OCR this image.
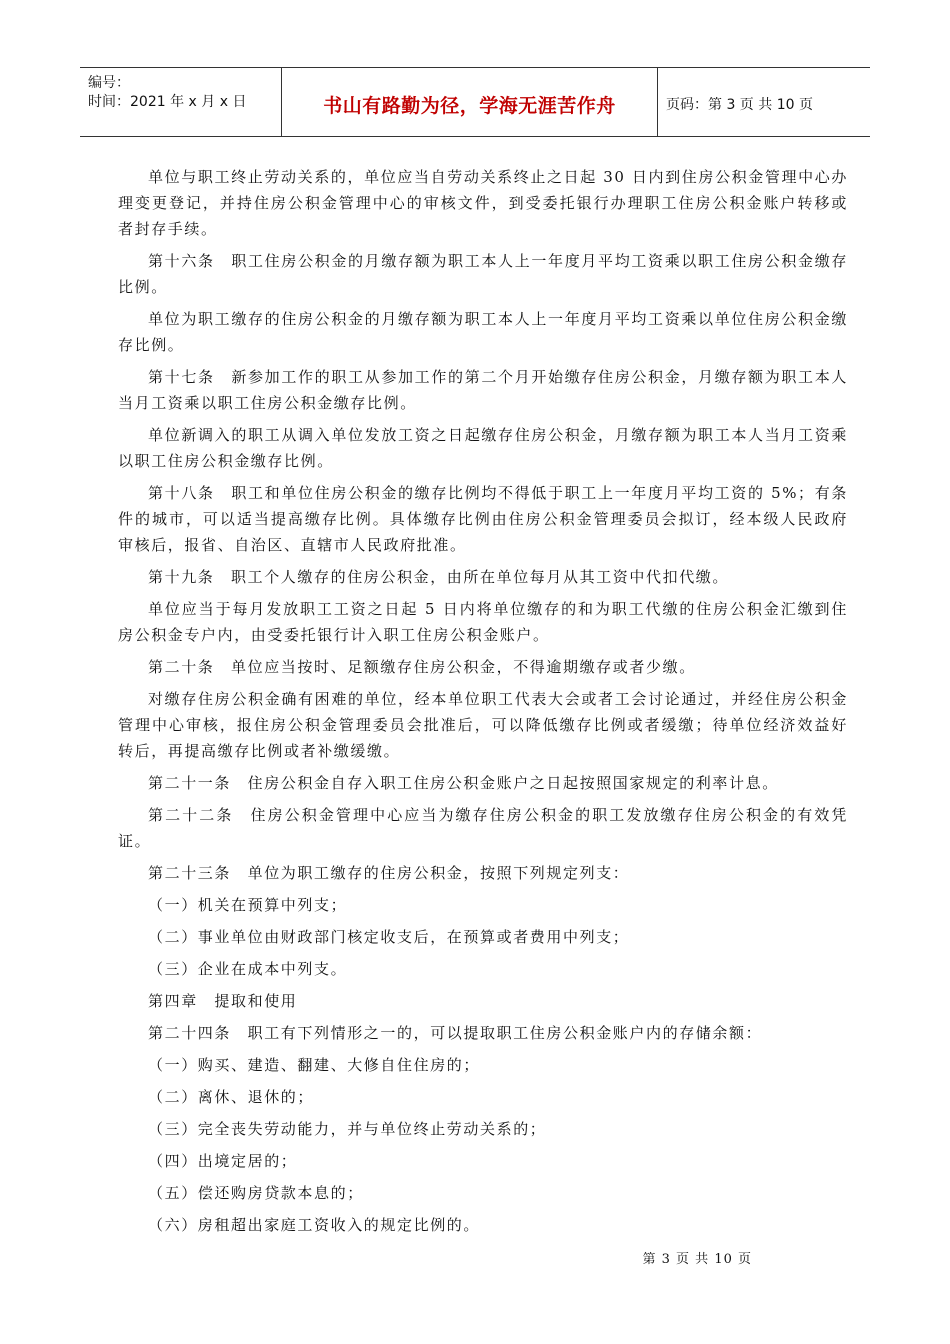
编号：
时间：2021 年 x 月 x 日	书山有路勤为径，学海无涯苦作舟	页码：第 3 页 共 10 页

单位与职工终止劳动关系的，单位应当自劳动关系终止之日起 30 日内到住房公积金管理中心办理变更登记，并持住房公积金管理中心的审核文件，到受委托银行办理职工住房公积金账户转移或者封存手续。

第十六条　职工住房公积金的月缴存额为职工本人上一年度月平均工资乘以职工住房公积金缴存比例。

单位为职工缴存的住房公积金的月缴存额为职工本人上一年度月平均工资乘以单位住房公积金缴存比例。

第十七条　新参加工作的职工从参加工作的第二个月开始缴存住房公积金，月缴存额为职工本人当月工资乘以职工住房公积金缴存比例。

单位新调入的职工从调入单位发放工资之日起缴存住房公积金，月缴存额为职工本人当月工资乘以职工住房公积金缴存比例。

第十八条　职工和单位住房公积金的缴存比例均不得低于职工上一年度月平均工资的 5%；有条件的城市，可以适当提高缴存比例。具体缴存比例由住房公积金管理委员会拟订，经本级人民政府审核后，报省、自治区、直辖市人民政府批准。

第十九条　职工个人缴存的住房公积金，由所在单位每月从其工资中代扣代缴。

单位应当于每月发放职工工资之日起 5 日内将单位缴存的和为职工代缴的住房公积金汇缴到住房公积金专户内，由受委托银行计入职工住房公积金账户。

第二十条　单位应当按时、足额缴存住房公积金，不得逾期缴存或者少缴。

对缴存住房公积金确有困难的单位，经本单位职工代表大会或者工会讨论通过，并经住房公积金管理中心审核，报住房公积金管理委员会批准后，可以降低缴存比例或者缓缴；待单位经济效益好转后，再提高缴存比例或者补缴缓缴。

第二十一条　住房公积金自存入职工住房公积金账户之日起按照国家规定的利率计息。

第二十二条　住房公积金管理中心应当为缴存住房公积金的职工发放缴存住房公积金的有效凭证。

第二十三条　单位为职工缴存的住房公积金，按照下列规定列支：

（一）机关在预算中列支；

（二）事业单位由财政部门核定收支后，在预算或者费用中列支；

（三）企业在成本中列支。

第四章　提取和使用

第二十四条　职工有下列情形之一的，可以提取职工住房公积金账户内的存储余额：

（一）购买、建造、翻建、大修自住住房的；

（二）离休、退休的；

（三）完全丧失劳动能力，并与单位终止劳动关系的；

（四）出境定居的；

（五）偿还购房贷款本息的；

（六）房租超出家庭工资收入的规定比例的。

第 3 页 共 10 页
